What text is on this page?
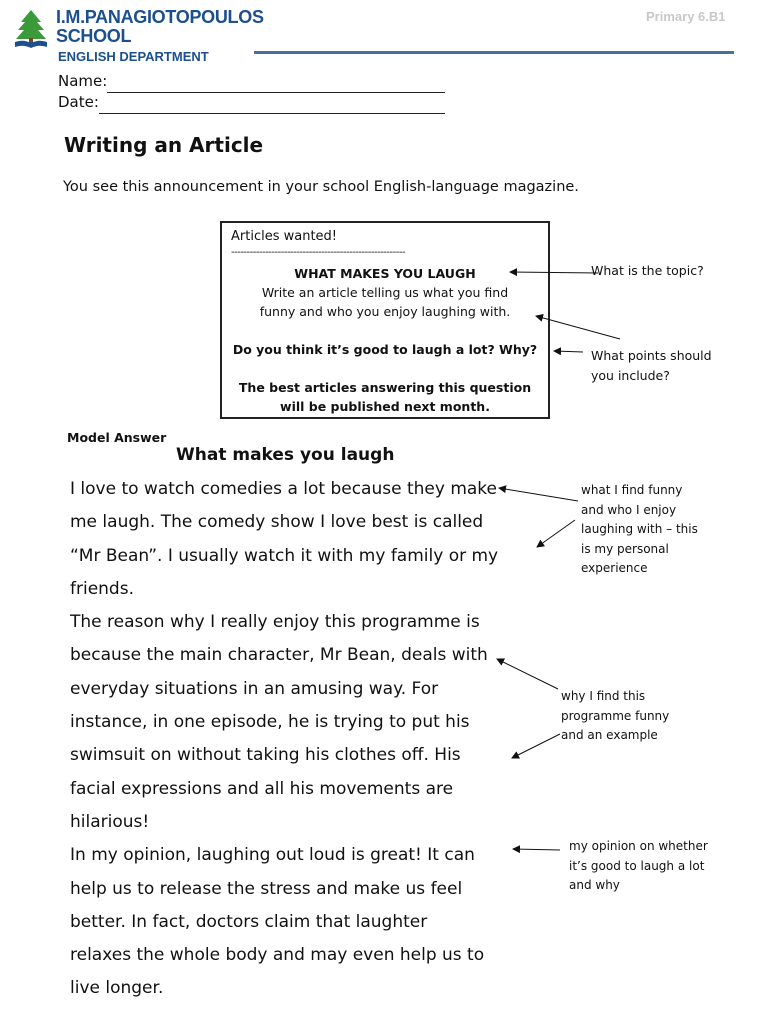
I.M.PANAGIOTOPOULOS
SCHOOL
ENGLISH DEPARTMENT
Primary 6.B1
Name:
Date:
Writing an Article
You see this announcement in your school English-language magazine.
Articles wanted!
--------------------------------------------------------
WHAT MAKES YOU LAUGH
Write an article telling us what you find
funny and who you enjoy laughing with.
Do you think it’s good to laugh a lot? Why?
The best articles answering this question
will be published next month.
What is the topic?
What points should
you include?
Model Answer
What makes you laugh
I love to watch comedies a lot because they make
me laugh. The comedy show I love best is called
“Mr Bean”. I usually watch it with my family or my
friends.
The reason why I really enjoy this programme is
because the main character, Mr Bean, deals with
everyday situations in an amusing way. For
instance, in one episode, he is trying to put his
swimsuit on without taking his clothes off. His
facial expressions and all his movements are
hilarious!
In my opinion, laughing out loud is great! It can
help us to release the stress and make us feel
better. In fact, doctors claim that laughter
relaxes the whole body and may even help us to
live longer.
what I find funny
and who I enjoy
laughing with – this
is my personal
experience
why I find this
programme funny
and an example
my opinion on whether
it’s good to laugh a lot
and why
